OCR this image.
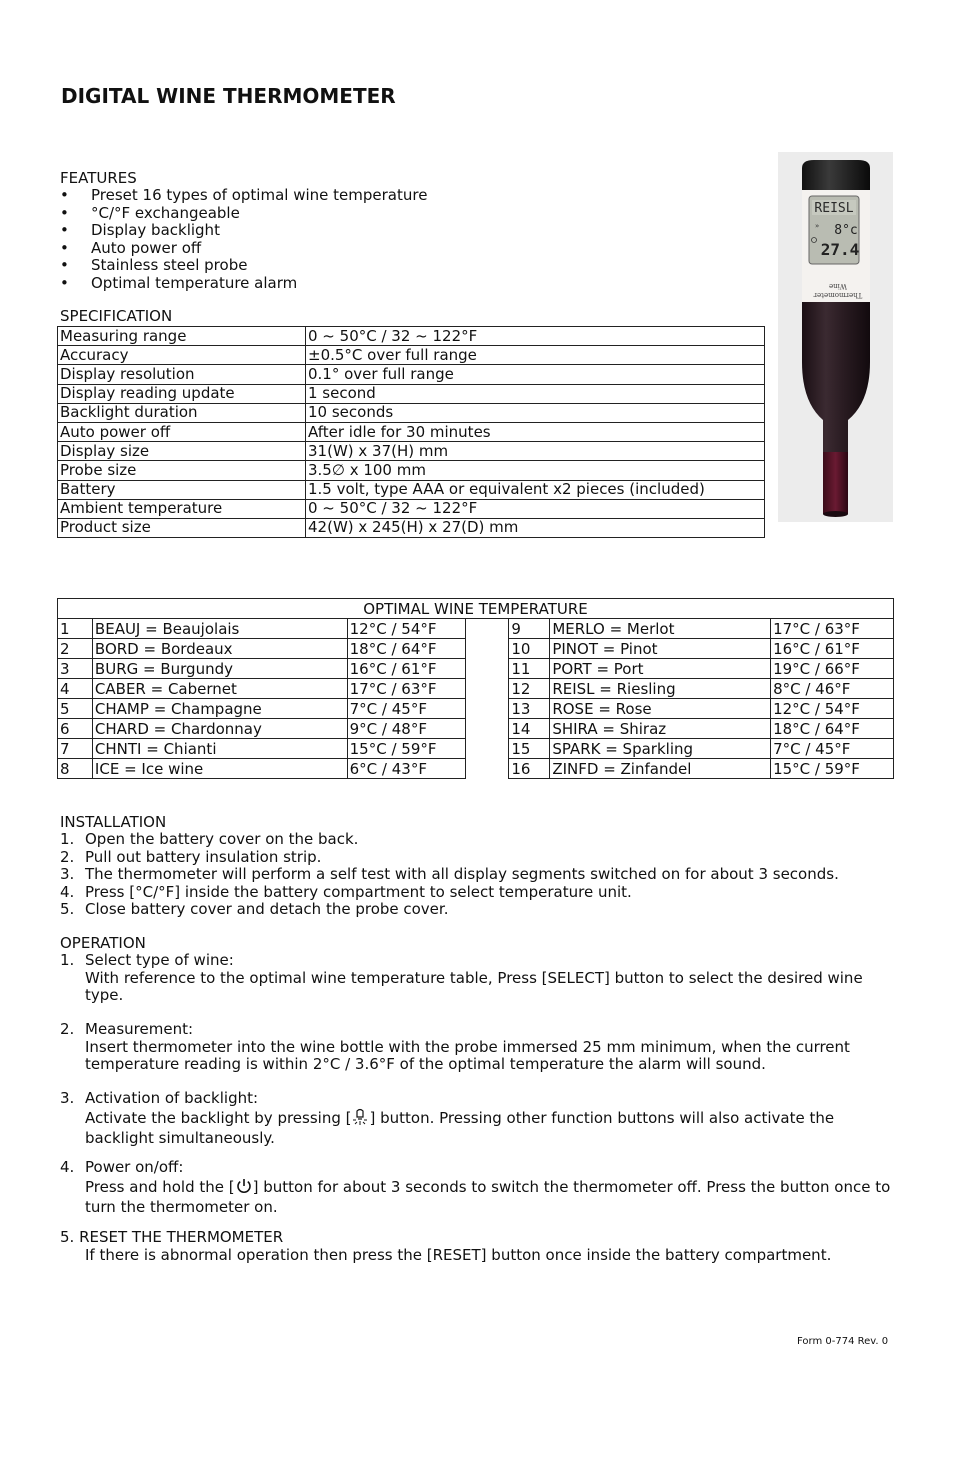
DIGITAL WINE THERMOMETER
FEATURES
• Preset 16 types of optimal wine temperature
• °C/°F exchangeable
• Display backlight
• Auto power off
• Stainless steel probe
• Optimal temperature alarm
SPECIFICATION
Measuring range	0 ~ 50°C / 32 ~ 122°F
Accuracy	±0.5°C over full range
Display resolution	0.1° over full range
Display reading update	1 second
Backlight duration	10 seconds
Auto power off	After idle for 30 minutes
Display size	31(W) x 37(H) mm
Probe size	3.5∅ x 100 mm
Battery	1.5 volt, type AAA or equivalent x2 pieces (included)
Ambient temperature	0 ~ 50°C / 32 ~ 122°F
Product size	42(W) x 245(H) x 27(D) mm
REISL
8°c
27.4
»
Wine
Thermometer
OPTIMAL WINE TEMPERATURE						
1	BEAUJ = Beaujolais	12°C / 54°F		9	MERLO = Merlot	17°C / 63°F
2	BORD = Bordeaux	18°C / 64°F		10	PINOT = Pinot	16°C / 61°F
3	BURG = Burgundy	16°C / 61°F		11	PORT = Port	19°C / 66°F
4	CABER = Cabernet	17°C / 63°F		12	REISL = Riesling	8°C / 46°F
5	CHAMP = Champagne	7°C / 45°F		13	ROSE = Rose	12°C / 54°F
6	CHARD = Chardonnay	9°C / 48°F		14	SHIRA = Shiraz	18°C / 64°F
7	CHNTI = Chianti	15°C / 59°F		15	SPARK = Sparkling	7°C / 45°F
8	ICE = Ice wine	6°C / 43°F		16	ZINFD = Zinfandel	15°C / 59°F
INSTALLATION
1. Open the battery cover on the back.
2. Pull out battery insulation strip.
3. The thermometer will perform a self test with all display segments switched on for about 3 seconds.
4. Press [°C/°F] inside the battery compartment to select temperature unit.
5. Close battery cover and detach the probe cover.
OPERATION
1. Select type of wine:
With reference to the optimal wine temperature table, Press [SELECT] button to select the desired wine type.
2. Measurement:
Insert thermometer into the wine bottle with the probe immersed 25 mm minimum, when the current temperature reading is within 2°C / 3.6°F of the optimal temperature the alarm will sound.
3. Activation of backlight:
Activate the backlight by pressing [ ] button. Pressing other function buttons will also activate the backlight simultaneously.
4. Power on/off:
Press and hold the [ ] button for about 3 seconds to switch the thermometer off. Press the button once to turn the thermometer on.
5. RESET THE THERMOMETER
If there is abnormal operation then press the [RESET] button once inside the battery compartment.
Form 0-774 Rev. 0
